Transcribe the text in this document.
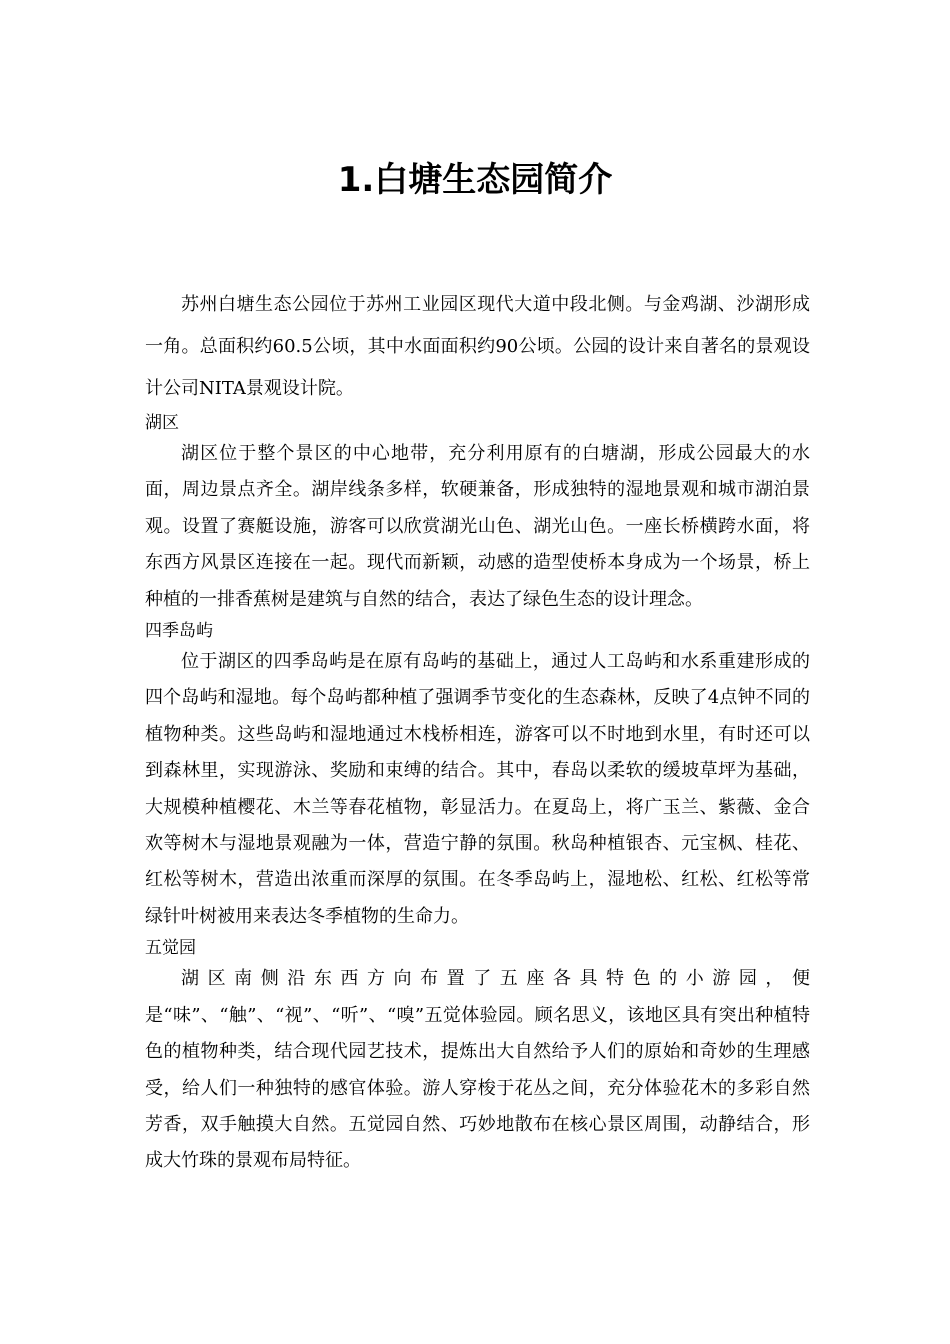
1.白塘生态园简介

苏州白塘生态公园位于苏州工业园区现代大道中段北侧。与金鸡湖、沙湖形成一角。总面积约60.5公顷，其中水面面积约90公顷。公园的设计来自著名的景观设计公司NITA景观设计院。

湖区

湖区位于整个景区的中心地带，充分利用原有的白塘湖，形成公园最大的水面，周边景点齐全。湖岸线条多样，软硬兼备，形成独特的湿地景观和城市湖泊景观。设置了赛艇设施，游客可以欣赏湖光山色、湖光山色。一座长桥横跨水面，将东西方风景区连接在一起。现代而新颖，动感的造型使桥本身成为一个场景，桥上种植的一排香蕉树是建筑与自然的结合，表达了绿色生态的设计理念。

四季岛屿

位于湖区的四季岛屿是在原有岛屿的基础上，通过人工岛屿和水系重建形成的四个岛屿和湿地。每个岛屿都种植了强调季节变化的生态森林，反映了4点钟不同的植物种类。这些岛屿和湿地通过木栈桥相连，游客可以不时地到水里，有时还可以到森林里，实现游泳、奖励和束缚的结合。其中，春岛以柔软的缓坡草坪为基础，大规模种植樱花、木兰等春花植物，彰显活力。在夏岛上，将广玉兰、紫薇、金合欢等树木与湿地景观融为一体，营造宁静的氛围。秋岛种植银杏、元宝枫、桂花、红松等树木，营造出浓重而深厚的氛围。在冬季岛屿上，湿地松、红松、红松等常绿针叶树被用来表达冬季植物的生命力。

五觉园

湖区南侧沿东西方向布置了五座各具特色的小游园，便是“味”、“触”、“视”、“听”、“嗅”五觉体验园。顾名思义，该地区具有突出种植特色的植物种类，结合现代园艺技术，提炼出大自然给予人们的原始和奇妙的生理感受，给人们一种独特的感官体验。游人穿梭于花丛之间，充分体验花木的多彩自然芳香，双手触摸大自然。五觉园自然、巧妙地散布在核心景区周围，动静结合，形成大竹珠的景观布局特征。
